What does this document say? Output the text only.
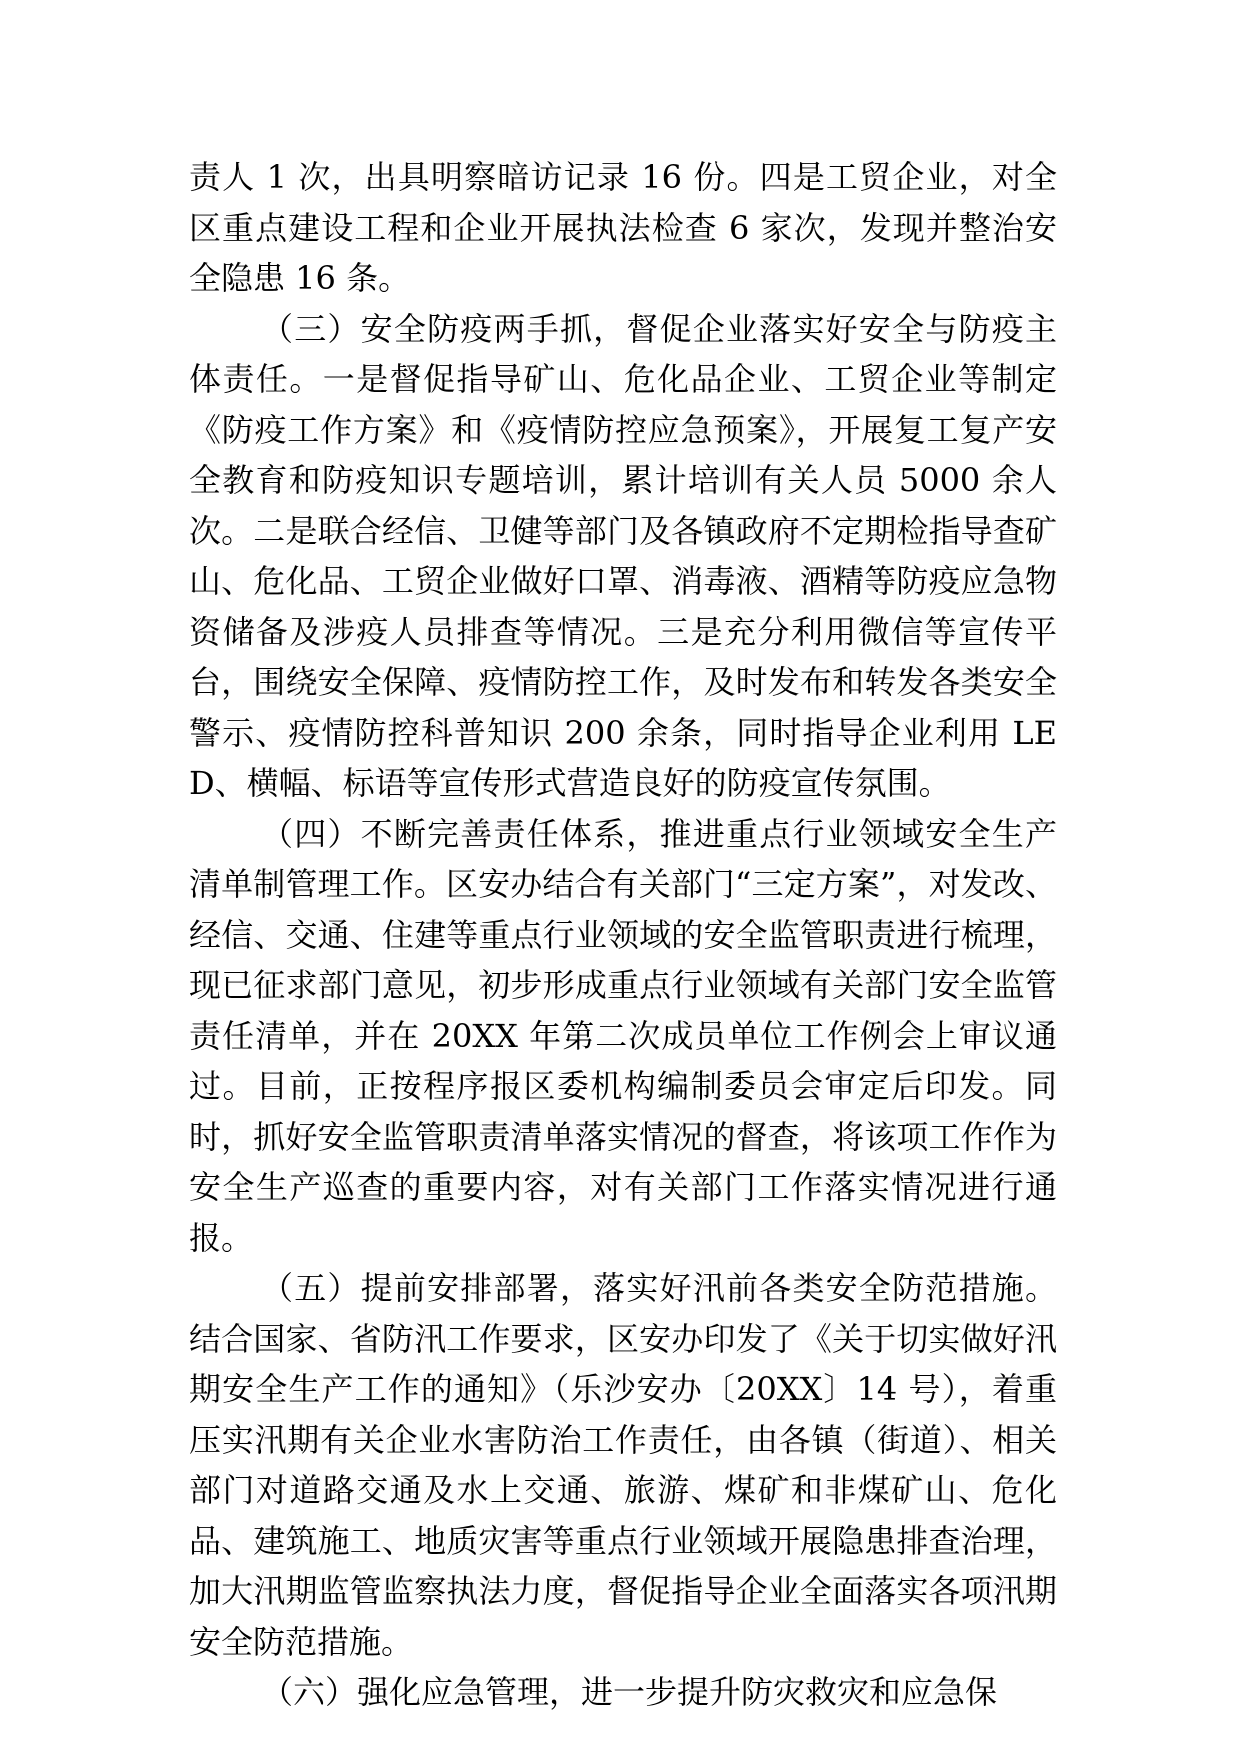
责人 1 次，出具明察暗访记录 16 份。四是工贸企业，对全区重点建设工程和企业开展执法检查 6 家次，发现并整治安全隐患 16 条。

（三）安全防疫两手抓，督促企业落实好安全与防疫主体责任。一是督促指导矿山、危化品企业、工贸企业等制定《防疫工作方案》和《疫情防控应急预案》，开展复工复产安全教育和防疫知识专题培训，累计培训有关人员 5000 余人次。二是联合经信、卫健等部门及各镇政府不定期检指导查矿山、危化品、工贸企业做好口罩、消毒液、酒精等防疫应急物资储备及涉疫人员排查等情况。三是充分利用微信等宣传平台，围绕安全保障、疫情防控工作，及时发布和转发各类安全警示、疫情防控科普知识 200 余条，同时指导企业利用 LED、横幅、标语等宣传形式营造良好的防疫宣传氛围。

（四）不断完善责任体系，推进重点行业领域安全生产清单制管理工作。区安办结合有关部门“三定方案”，对发改、经信、交通、住建等重点行业领域的安全监管职责进行梳理，现已征求部门意见，初步形成重点行业领域有关部门安全监管责任清单，并在 20XX 年第二次成员单位工作例会上审议通过。目前，正按程序报区委机构编制委员会审定后印发。同时，抓好安全监管职责清单落实情况的督查，将该项工作作为安全生产巡查的重要内容，对有关部门工作落实情况进行通报。

（五）提前安排部署，落实好汛前各类安全防范措施。结合国家、省防汛工作要求，区安办印发了《关于切实做好汛期安全生产工作的通知》（乐沙安办〔20XX〕14 号），着重压实汛期有关企业水害防治工作责任，由各镇（街道）、相关部门对道路交通及水上交通、旅游、煤矿和非煤矿山、危化品、建筑施工、地质灾害等重点行业领域开展隐患排查治理，加大汛期监管监察执法力度，督促指导企业全面落实各项汛期安全防范措施。

（六）强化应急管理，进一步提升防灾救灾和应急保
